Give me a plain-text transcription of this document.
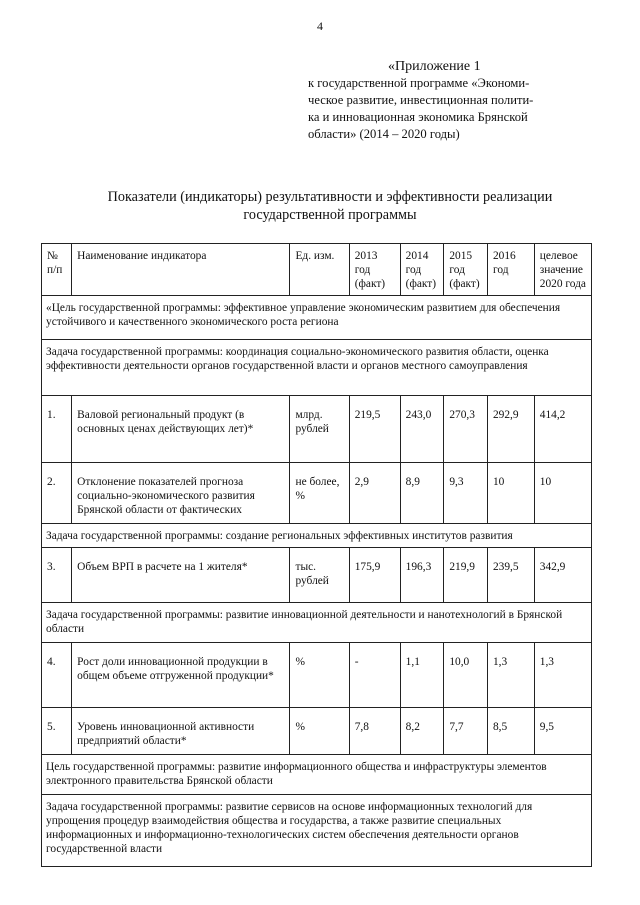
4
«Приложение 1
к государственной программе «Экономи-
ческое развитие, инвестиционная полити-
ка и инновационная экономика Брянской
области» (2014 – 2020 годы)
Показатели (индикаторы) результативности и эффективности реализации
государственной программы
№ п/п	Наименование индикатора	Ед. изм.	2013 год (факт)	2014 год (факт)	2015 год (факт)	2016 год	целевое значение 2020 года
«Цель государственной программы: эффективное управление экономическим развитием для обеспечения устойчивого и качественного экономического роста региона							
Задача государственной программы: координация социально-экономического развития области, оценка эффективности деятельности органов государственной власти и органов местного самоуправления							
1.	Валовой региональный продукт (в основных ценах действующих лет)*	млрд. рублей	219,5	243,0	270,3	292,9	414,2
2.	Отклонение показателей прогноза социально-экономического развития Брянской области от фактических	не более, %	2,9	8,9	9,3	10	10
Задача государственной программы: создание региональных эффективных институтов развития							
3.	Объем ВРП в расчете на 1 жителя*	тыс. рублей	175,9	196,3	219,9	239,5	342,9
Задача государственной программы: развитие инновационной деятельности и нанотехнологий в Брянской области							
4.	Рост доли инновационной продукции в общем объеме отгруженной продукции*	%	-	1,1	10,0	1,3	1,3
5.	Уровень инновационной активности предприятий области*	%	7,8	8,2	7,7	8,5	9,5
Цель государственной программы: развитие информационного общества и инфраструктуры элементов электронного правительства Брянской области							
Задача государственной программы: развитие сервисов на основе информационных технологий для упрощения процедур взаимодействия общества и государства, а также развитие специальных информационных и информационно-технологических систем обеспечения деятельности органов государственной власти							
